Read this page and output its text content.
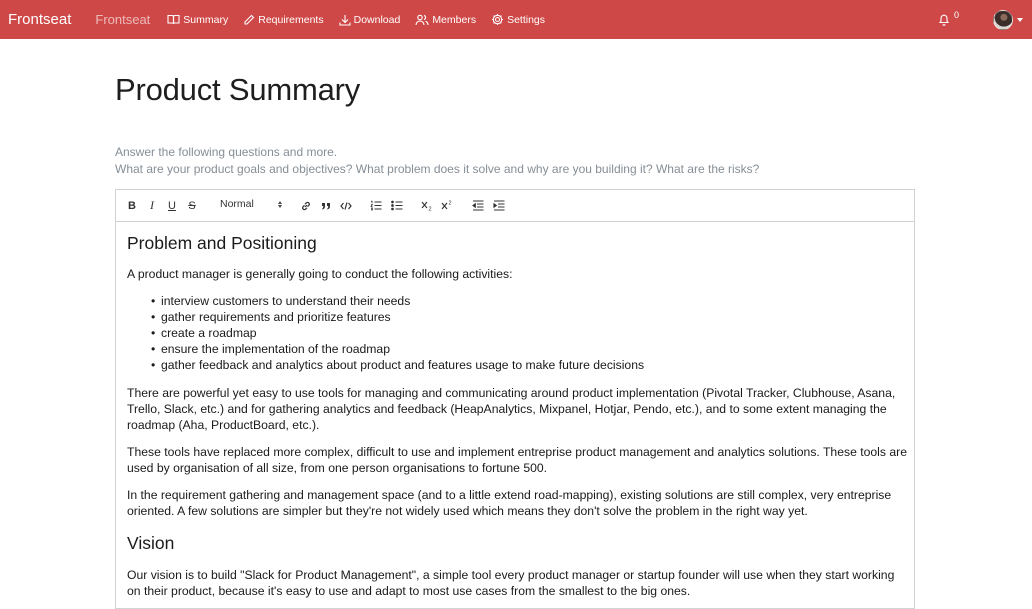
Frontseat Frontseat	Summary	Requirements	Download	Members	Settings	0
Product Summary
Answer the following questions and more.
What are your product goals and objectives? What problem does it solve and why are you building it? What are the risks?
B I U S Normal	2
2
Problem and Positioning

A product manager is generally going to conduct the following activities:

• interview customers to understand their needs
• gather requirements and prioritize features
• create a roadmap
• ensure the implementation of the roadmap
• gather feedback and analytics about product and features usage to make future decisions

There are powerful yet easy to use tools for managing and communicating around product implementation (Pivotal Tracker, Clubhouse, Asana, Trello, Slack, etc.) and for gathering analytics and feedback (HeapAnalytics, Mixpanel, Hotjar, Pendo, etc.), and to some extent managing the roadmap (Aha, ProductBoard, etc.).

These tools have replaced more complex, difficult to use and implement entreprise product management and analytics solutions. These tools are used by organisation of all size, from one person organisations to fortune 500.

In the requirement gathering and management space (and to a little extend road-mapping), existing solutions are still complex, very entreprise oriented. A few solutions are simpler but they're not widely used which means they don't solve the problem in the right way yet.

Vision

Our vision is to build "Slack for Product Management", a simple tool every product manager or startup founder will use when they start working on their product, because it's easy to use and adapt to most use cases from the smallest to the big ones.
